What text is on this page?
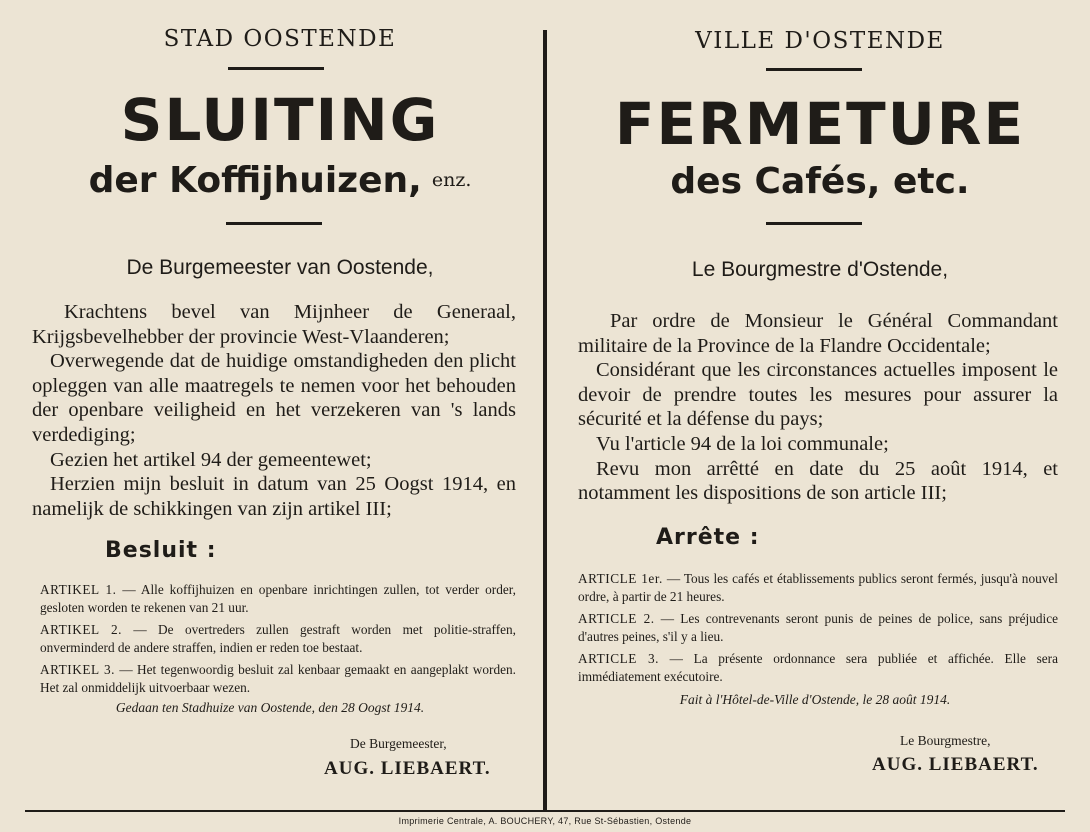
STAD OOSTENDE
SLUITING
der Koffijhuizen, enz.
De Burgemeester van Oostende,

Krachtens bevel van Mijnheer de Generaal, Krijgsbevelhebber der provincie West-Vlaanderen;

Overwegende dat de huidige omstandigheden den plicht opleggen van alle maatregels te nemen voor het behouden der openbare veiligheid en het verzekeren van 's lands verdediging;

Gezien het artikel 94 der gemeentewet;

Herzien mijn besluit in datum van 25 Oogst 1914, en namelijk de schikkingen van zijn artikel III;

Besluit :

ARTIKEL 1. — Alle koffijhuizen en openbare inrichtingen zullen, tot verder order, gesloten worden te rekenen van 21 uur.

ARTIKEL 2. — De overtreders zullen gestraft worden met politie-straffen, onverminderd de andere straffen, indien er reden toe bestaat.

ARTIKEL 3. — Het tegenwoordig besluit zal kenbaar gemaakt en aangeplakt worden. Het zal onmiddelijk uitvoerbaar wezen.

Gedaan ten Stadhuize van Oostende, den 28 Oogst 1914.
De Burgemeester,
AUG. LIEBAERT.
VILLE D'OSTENDE
FERMETURE
des Cafés, etc.
Le Bourgmestre d'Ostende,

Par ordre de Monsieur le Général Commandant militaire de la Province de la Flandre Occidentale;

Considérant que les circonstances actuelles imposent le devoir de prendre toutes les mesures pour assurer la sécurité et la défense du pays;

Vu l'article 94 de la loi communale;

Revu mon arrêtté en date du 25 août 1914, et notamment les dispositions de son article III;

Arrête :

ARTICLE 1er. — Tous les cafés et établissements publics seront fermés, jusqu'à nouvel ordre, à partir de 21 heures.

ARTICLE 2. — Les contrevenants seront punis de peines de police, sans préjudice d'autres peines, s'il y a lieu.

ARTICLE 3. — La présente ordonnance sera publiée et affichée. Elle sera immédiatement exécutoire.

Fait à l'Hôtel-de-Ville d'Ostende, le 28 août 1914.
Le Bourgmestre,
AUG. LIEBAERT.
Imprimerie Centrale, A. BOUCHERY, 47, Rue St-Sébastien, Ostende
